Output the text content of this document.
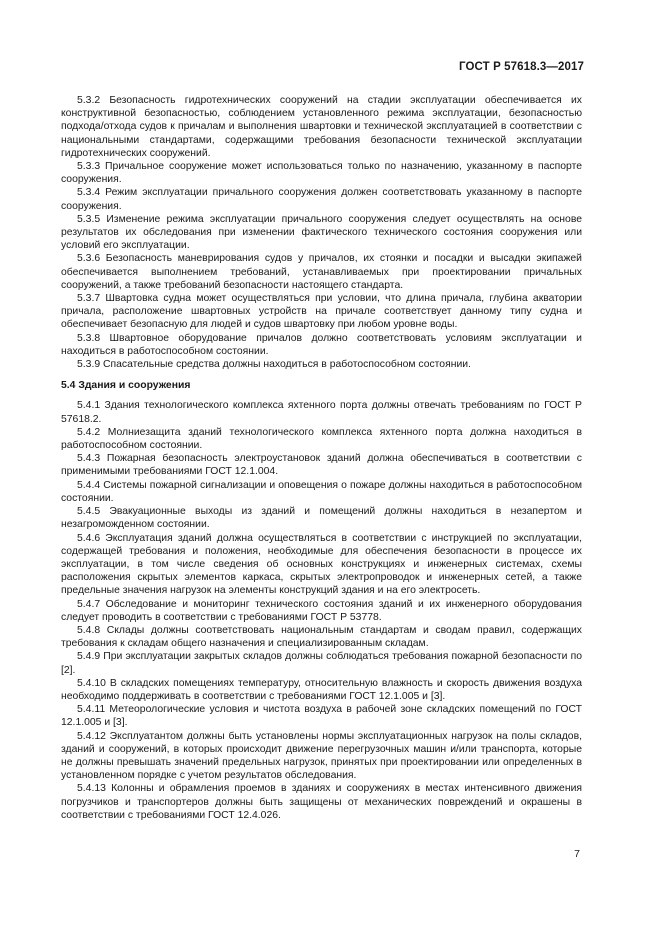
ГОСТ Р 57618.3—2017

5.3.2 Безопасность гидротехнических сооружений на стадии эксплуатации обеспечивается их конструктивной безопасностью, соблюдением установленного режима эксплуатации, безопасностью подхода/отхода судов к причалам и выполнения швартовки и технической эксплуатацией в соответствии с национальными стандартами, содержащими требования безопасности технической эксплуатации гидротехнических сооружений.

5.3.3 Причальное сооружение может использоваться только по назначению, указанному в паспорте сооружения.

5.3.4 Режим эксплуатации причального сооружения должен соответствовать указанному в паспорте сооружения.

5.3.5 Изменение режима эксплуатации причального сооружения следует осуществлять на основе результатов их обследования при изменении фактического технического состояния сооружения или условий его эксплуатации.

5.3.6 Безопасность маневрирования судов у причалов, их стоянки и посадки и высадки экипажей обеспечивается выполнением требований, устанавливаемых при проектировании причальных сооружений, а также требований безопасности настоящего стандарта.

5.3.7 Швартовка судна может осуществляться при условии, что длина причала, глубина акватории причала, расположение швартовных устройств на причале соответствует данному типу судна и обеспечивает безопасную для людей и судов швартовку при любом уровне воды.

5.3.8 Швартовное оборудование причалов должно соответствовать условиям эксплуатации и находиться в работоспособном состоянии.

5.3.9 Спасательные средства должны находиться в работоспособном состоянии.

5.4 Здания и сооружения

5.4.1 Здания технологического комплекса яхтенного порта должны отвечать требованиям по ГОСТ Р 57618.2.

5.4.2 Молниезащита зданий технологического комплекса яхтенного порта должна находиться в работоспособном состоянии.

5.4.3 Пожарная безопасность электроустановок зданий должна обеспечиваться в соответствии с применимыми требованиями ГОСТ 12.1.004.

5.4.4 Системы пожарной сигнализации и оповещения о пожаре должны находиться в работоспособном состоянии.

5.4.5 Эвакуационные выходы из зданий и помещений должны находиться в незапертом и незагроможденном состоянии.

5.4.6 Эксплуатация зданий должна осуществляться в соответствии с инструкцией по эксплуатации, содержащей требования и положения, необходимые для обеспечения безопасности в процессе их эксплуатации, в том числе сведения об основных конструкциях и инженерных системах, схемы расположения скрытых элементов каркаса, скрытых электропроводок и инженерных сетей, а также предельные значения нагрузок на элементы конструкций здания и на его электросеть.

5.4.7 Обследование и мониторинг технического состояния зданий и их инженерного оборудования следует проводить в соответствии с требованиями ГОСТ Р 53778.

5.4.8 Склады должны соответствовать национальным стандартам и сводам правил, содержащих требования к складам общего назначения и специализированным складам.

5.4.9 При эксплуатации закрытых складов должны соблюдаться требования пожарной безопасности по [2].

5.4.10 В складских помещениях температуру, относительную влажность и скорость движения воздуха необходимо поддерживать в соответствии с требованиями ГОСТ 12.1.005 и [3].

5.4.11 Метеорологические условия и чистота воздуха в рабочей зоне складских помещений по ГОСТ 12.1.005 и [3].

5.4.12 Эксплуатантом должны быть установлены нормы эксплуатационных нагрузок на полы складов, зданий и сооружений, в которых происходит движение перегрузочных машин и/или транспорта, которые не должны превышать значений предельных нагрузок, принятых при проектировании или определенных в установленном порядке с учетом результатов обследования.

5.4.13 Колонны и обрамления проемов в зданиях и сооружениях в местах интенсивного движения погрузчиков и транспортеров должны быть защищены от механических повреждений и окрашены в соответствии с требованиями ГОСТ 12.4.026.

7
